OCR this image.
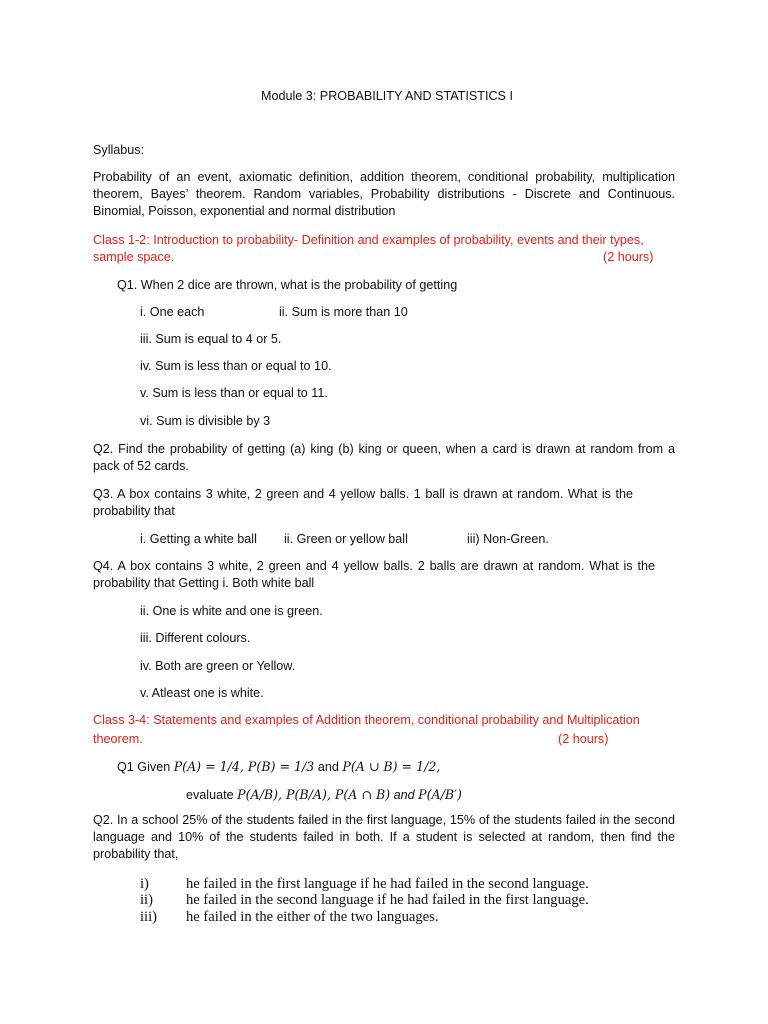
Module 3: PROBABILITY AND STATISTICS I
Syllabus:
Probability of an event, axiomatic definition, addition theorem, conditional probability, multiplication theorem, Bayes’ theorem. Random variables, Probability distributions - Discrete and Continuous. Binomial, Poisson, exponential and normal distribution
Class 1-2: Introduction to probability- Definition and examples of probability, events and their types,
sample space.	(2 hours)
Q1. When 2 dice are thrown, what is the probability of getting
i. One each	ii. Sum is more than 10
iii. Sum is equal to 4 or 5.
iv. Sum is less than or equal to 10.
v. Sum is less than or equal to 11.
vi. Sum is divisible by 3
Q2. Find the probability of getting (a) king (b) king or queen, when a card is drawn at random from a pack of 52 cards.
Q3. A box contains 3 white, 2 green and 4 yellow balls. 1 ball is drawn at random. What is the probability that
i. Getting a white ball ii. Green or yellow ball	iii) Non-Green.
Q4. A box contains 3 white, 2 green and 4 yellow balls. 2 balls are drawn at random. What is the probability that Getting i. Both white ball
ii. One is white and one is green.
iii. Different colours.
iv. Both are green or Yellow.
v. Atleast one is white.
Class 3-4: Statements and examples of Addition theorem, conditional probability and Multiplication
theorem.	(2 hours)
Q1 Given P(A) = 1/4, P(B) = 1/3 and P(A ∪ B) = 1/2,
evaluate P(A/B), P(B/A), P(A ∩ B) and P(A/B′)
Q2. In a school 25% of the students failed in the first language, 15% of the students failed in the second language and 10% of the students failed in both. If a student is selected at random, then find the probability that,
i)	he failed in the first language if he had failed in the second language.
ii) he failed in the second language if he had failed in the first language.
iii) he failed in the either of the two languages.
